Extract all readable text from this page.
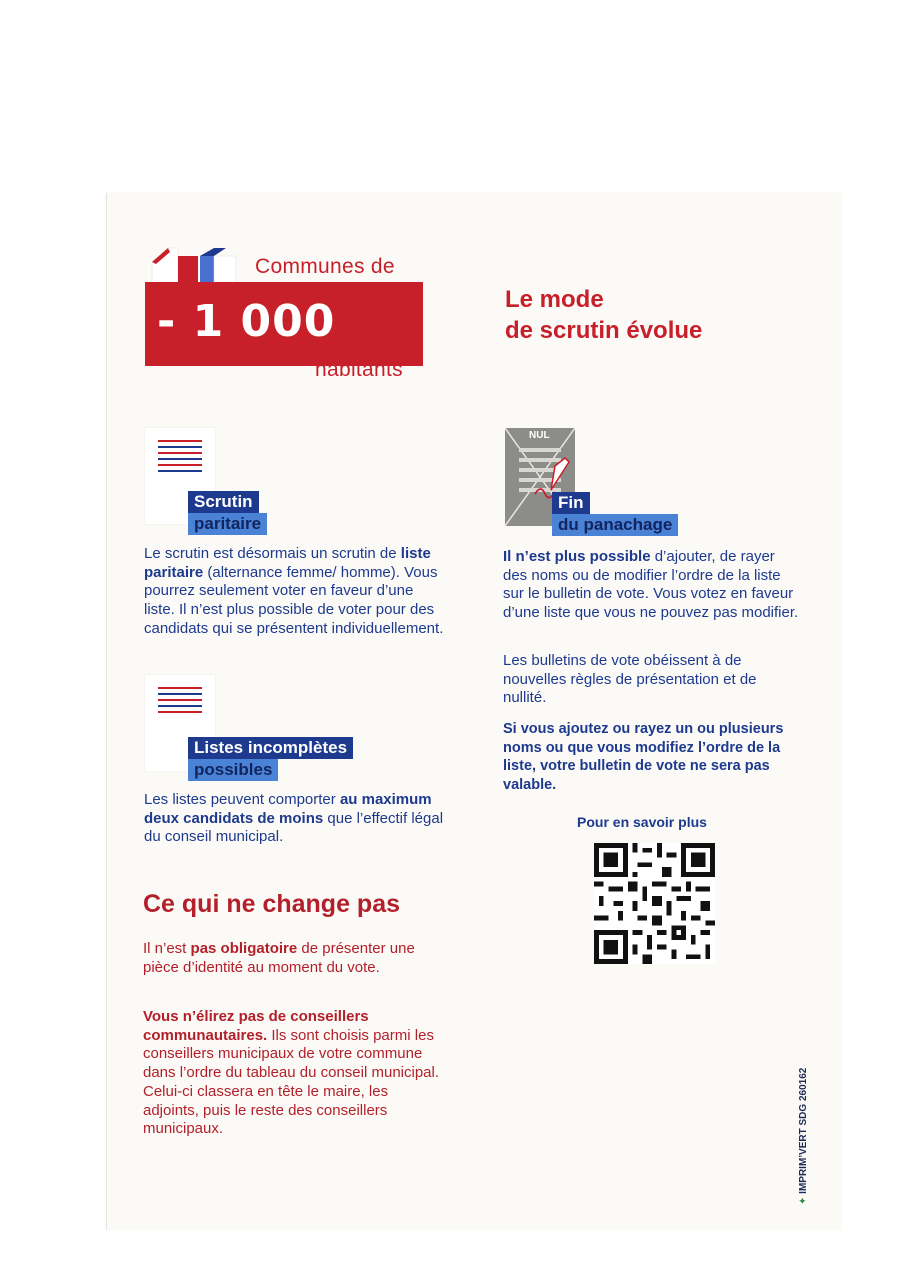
Communes de
- 1 000
habitants
Le mode
de scrutin évolue
Scrutin
paritaire
Le scrutin est désormais un scrutin de liste paritaire (alternance femme/ homme). Vous pourrez seulement voter en faveur d’une liste. Il n’est plus possible de voter pour des candidats qui se présentent individuellement.
Listes incomplètes
possibles
Les listes peuvent comporter au maximum deux candidats de moins que l’effectif légal du conseil municipal.
NUL
Fin
du panachage
Il n’est plus possible d’ajouter, de rayer des noms ou de modifier l’ordre de la liste sur le bulletin de vote. Vous votez en faveur d’une liste que vous ne pouvez pas modifier.
Les bulletins de vote obéissent à de nouvelles règles de présentation et de nullité.
Si vous ajoutez ou rayez un ou plusieurs noms ou que vous modifiez l’ordre de la liste, votre bulletin de vote ne sera pas valable.
Pour en savoir plus
Ce qui ne change pas
Il n’est pas obligatoire de présenter une pièce d’identité au moment du vote.
Vous n’élirez pas de conseillers communautaires. Ils sont choisis parmi les conseillers municipaux de votre commune dans l’ordre du tableau du conseil municipal. Celui-ci classera en tête le maire, les adjoints, puis le reste des conseillers municipaux.
✦ IMPRIM’VERT SDG 260162
